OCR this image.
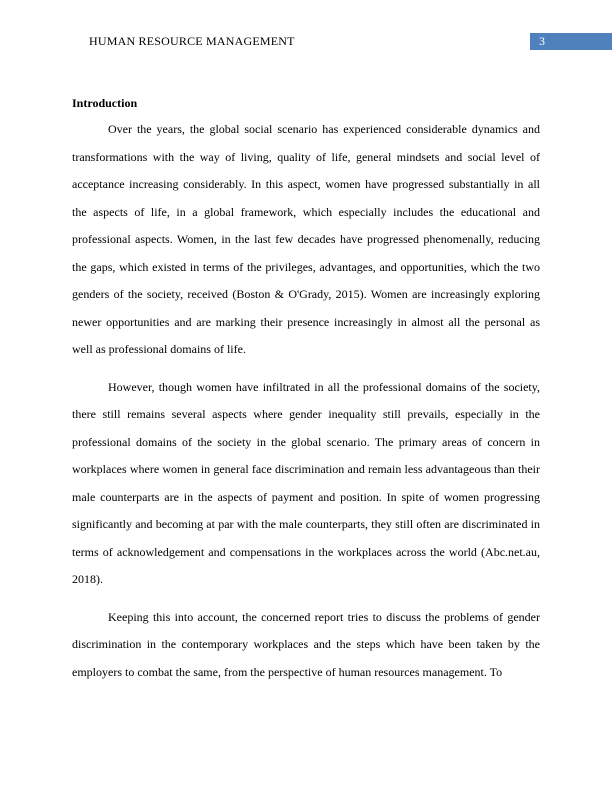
HUMAN RESOURCE MANAGEMENT	3
Introduction

Over the years, the global social scenario has experienced considerable dynamics and transformations with the way of living, quality of life, general mindsets and social level of acceptance increasing considerably. In this aspect, women have progressed substantially in all the aspects of life, in a global framework, which especially includes the educational and professional aspects. Women, in the last few decades have progressed phenomenally, reducing the gaps, which existed in terms of the privileges, advantages, and opportunities, which the two genders of the society, received (Boston & O'Grady, 2015). Women are increasingly exploring newer opportunities and are marking their presence increasingly in almost all the personal as well as professional domains of life.

However, though women have infiltrated in all the professional domains of the society, there still remains several aspects where gender inequality still prevails, especially in the professional domains of the society in the global scenario. The primary areas of concern in workplaces where women in general face discrimination and remain less advantageous than their male counterparts are in the aspects of payment and position. In spite of women progressing significantly and becoming at par with the male counterparts, they still often are discriminated in terms of acknowledgement and compensations in the workplaces across the world (Abc.net.au, 2018).

Keeping this into account, the concerned report tries to discuss the problems of gender discrimination in the contemporary workplaces and the steps which have been taken by the employers to combat the same, from the perspective of human resources management. To
